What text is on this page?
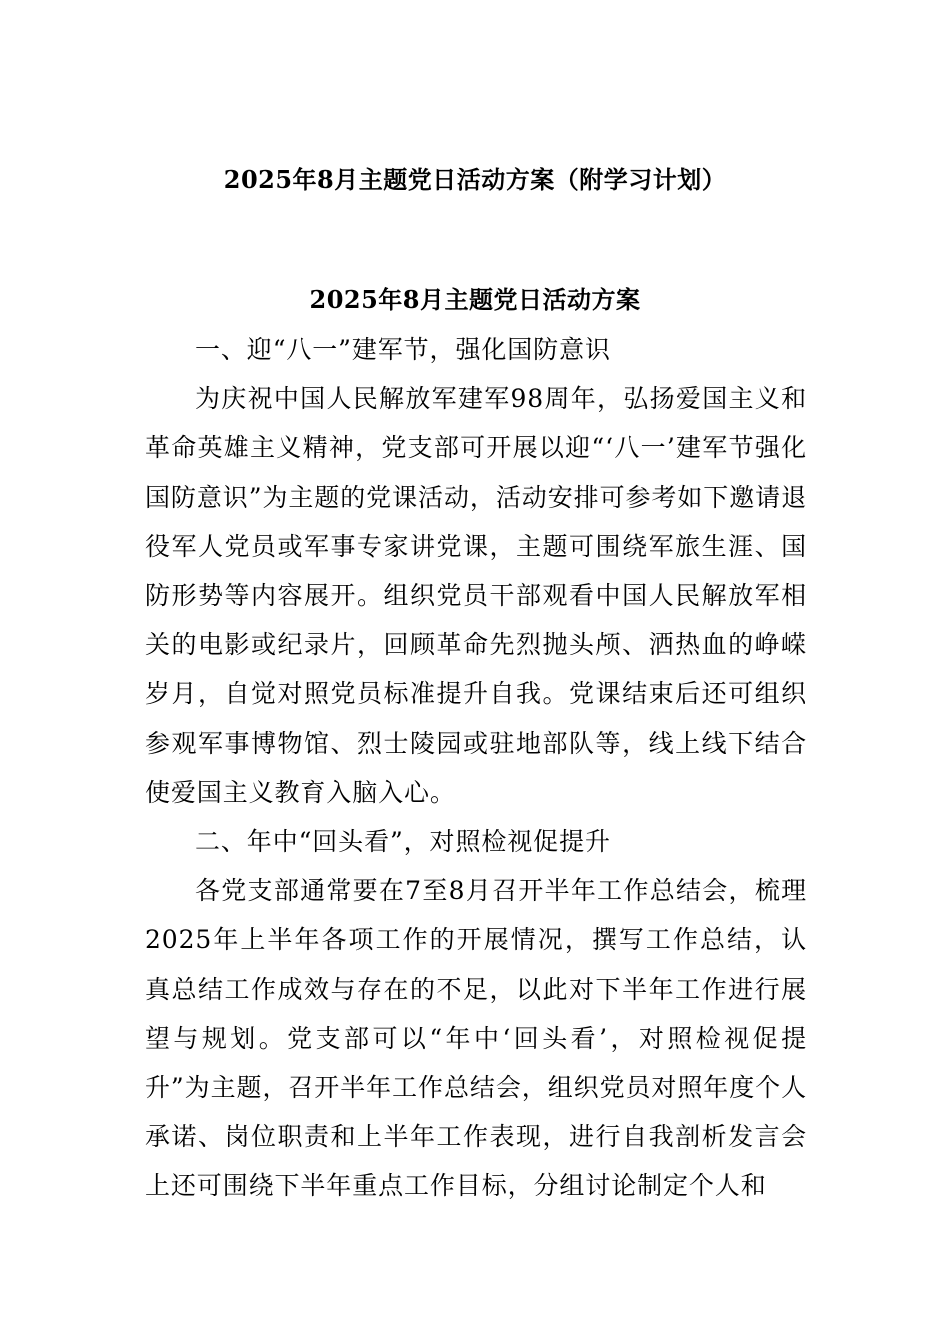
2025年8月主题党日活动方案（附学习计划）
2025年8月主题党日活动方案

一、迎“八一”建军节，强化国防意识

为庆祝中国人民解放军建军98周年，弘扬爱国主义和革命英雄主义精神，党支部可开展以迎“‘八一’建军节强化国防意识”为主题的党课活动，活动安排可参考如下邀请退役军人党员或军事专家讲党课，主题可围绕军旅生涯、国防形势等内容展开。组织党员干部观看中国人民解放军相关的电影或纪录片，回顾革命先烈抛头颅、洒热血的峥嵘岁月，自觉对照党员标准提升自我。党课结束后还可组织参观军事博物馆、烈士陵园或驻地部队等，线上线下结合使爱国主义教育入脑入心。

二、年中“回头看”，对照检视促提升

各党支部通常要在7至8月召开半年工作总结会，梳理2025年上半年各项工作的开展情况，撰写工作总结，认真总结工作成效与存在的不足，以此对下半年工作进行展望与规划。党支部可以“年中‘回头看’，对照检视促提升”为主题，召开半年工作总结会，组织党员对照年度个人承诺、岗位职责和上半年工作表现，进行自我剖析发言会上还可围绕下半年重点工作目标，分组讨论制定个人和
